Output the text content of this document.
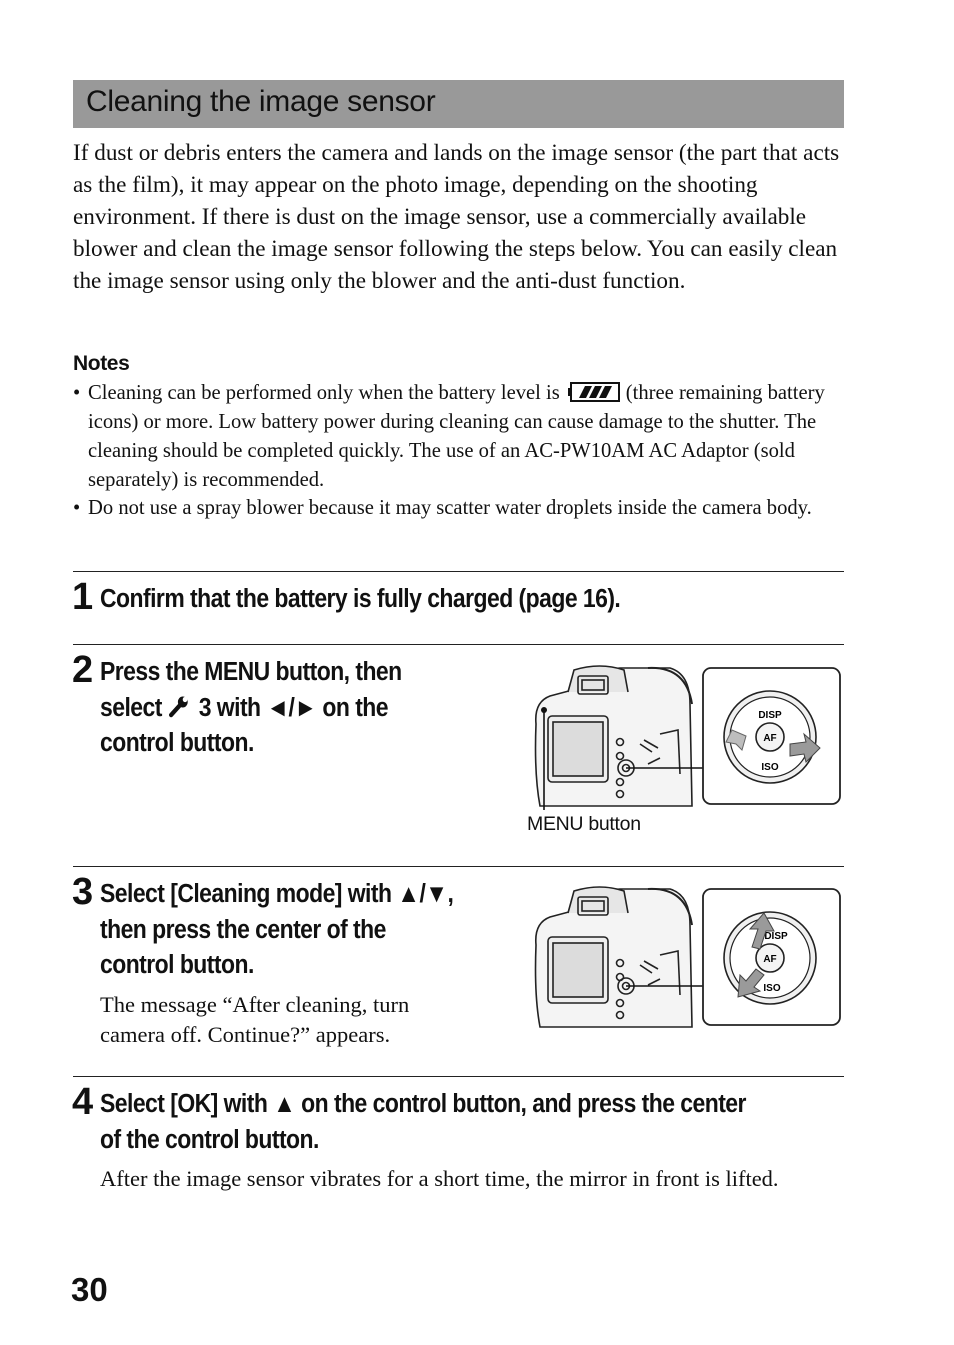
Cleaning the image sensor

If dust or debris enters the camera and lands on the image sensor (the part that acts as the film), it may appear on the photo image, depending on the shooting environment. If there is dust on the image sensor, use a commercially available blower and clean the image sensor following the steps below. You can easily clean the image sensor using only the blower and the anti-dust function.

Notes
• Cleaning can be performed only when the battery level is	(three remaining battery icons) or more. Low battery power during cleaning can cause damage to the shutter. The cleaning should be completed quickly. The use of an AC-PW10AM AC Adaptor (sold separately) is recommended.
• Do not use a spray blower because it may scatter water droplets inside the camera body.
1 Confirm that the battery is fully charged (page 16).
2 Press the MENU button, then
select 3 with ◄/► on the
control button.
DISP
AF
ISO
MENU button
3 Select [Cleaning mode] with ▲/▼,
then press the center of the
control button.
The message “After cleaning, turn
camera off. Continue?” appears.
DISP
AF
ISO
4 Select [OK] with ▲ on the control button, and press the center
of the control button.
After the image sensor vibrates for a short time, the mirror in front is lifted.
30
